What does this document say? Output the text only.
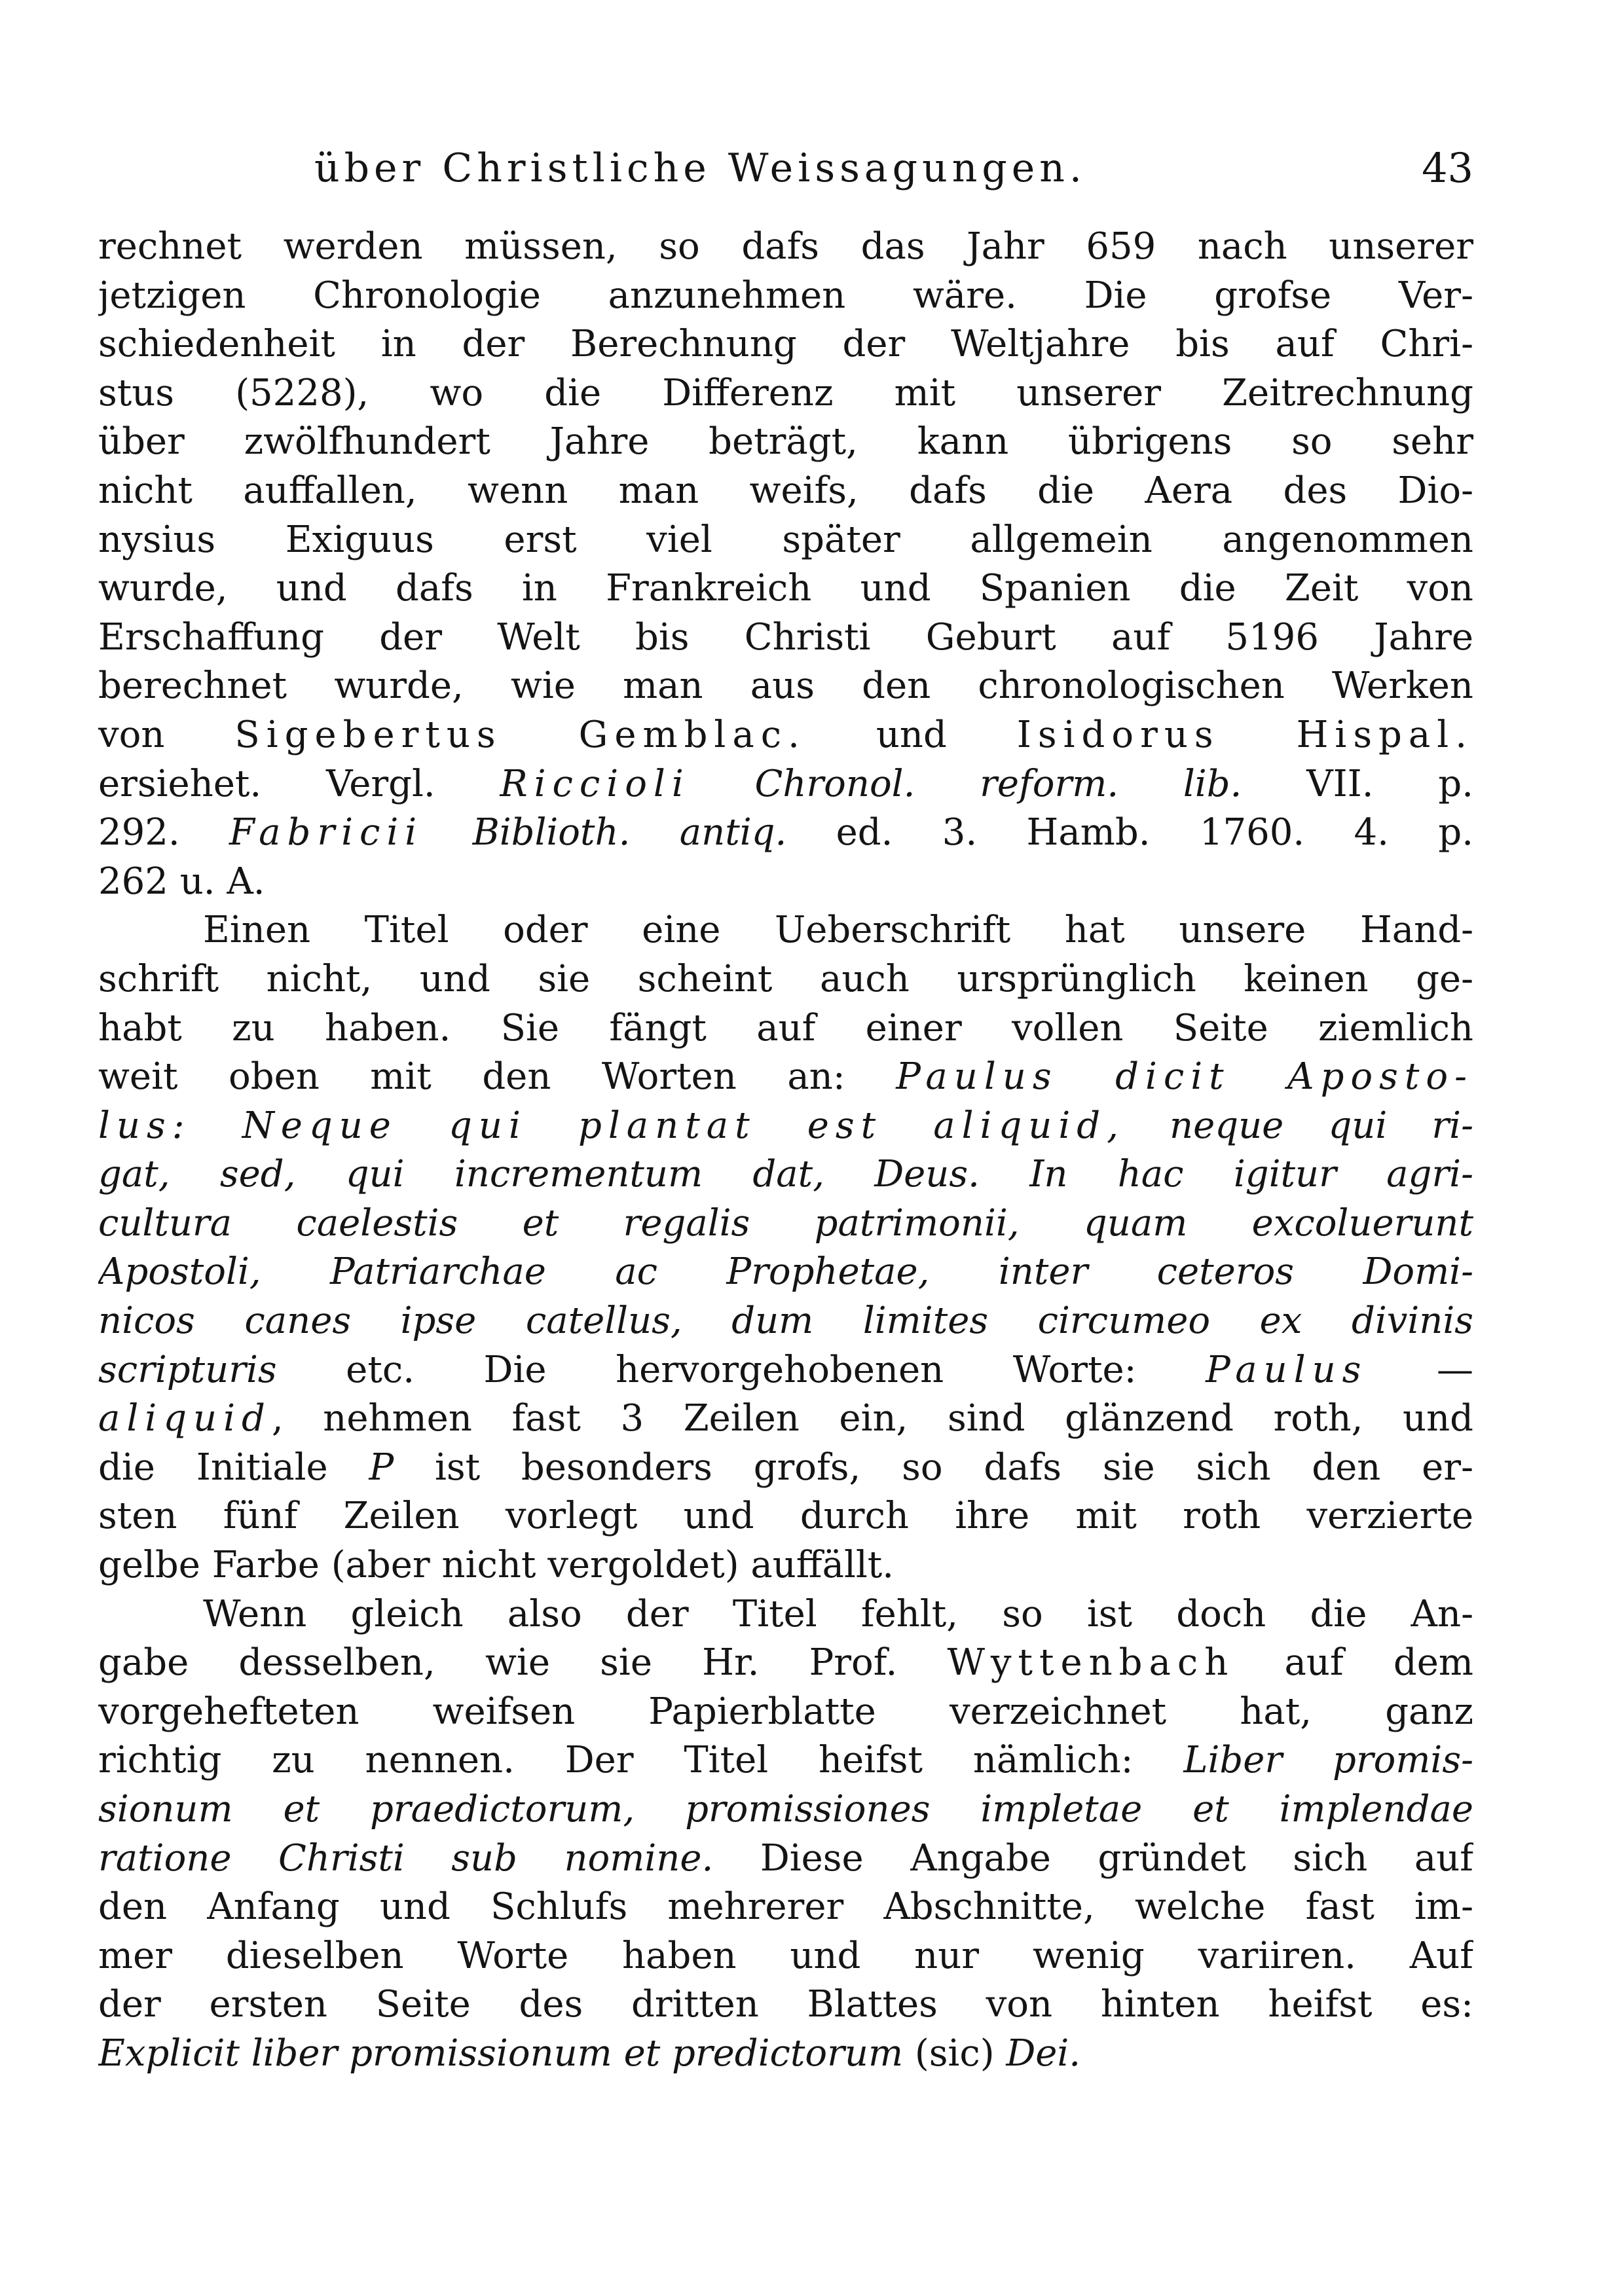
über Christliche Weissagungen.	43
rechnet werden müssen, so dafs das Jahr 659 nach unserer
jetzigen Chronologie anzunehmen wäre. Die grofse Ver-
schiedenheit in der Berechnung der Weltjahre bis auf Chri-
stus (5228), wo die Differenz mit unserer Zeitrechnung
über zwölfhundert Jahre beträgt, kann übrigens so sehr
nicht auffallen, wenn man weifs, dafs die Aera des Dio-
nysius Exiguus erst viel später allgemein angenommen
wurde, und dafs in Frankreich und Spanien die Zeit von
Erschaffung der Welt bis Christi Geburt auf 5196 Jahre
berechnet wurde, wie man aus den chronologischen Werken
von Sigebertus Gemblac. und Isidorus Hispal.
ersiehet. Vergl. Riccioli Chronol. reform. lib. VII. p.
292. Fabricii Biblioth. antiq. ed. 3. Hamb. 1760. 4. p.
262 u. A.
Einen Titel oder eine Ueberschrift hat unsere Hand-
schrift nicht, und sie scheint auch ursprünglich keinen ge-
habt zu haben. Sie fängt auf einer vollen Seite ziemlich
weit oben mit den Worten an: Paulus dicit Aposto-
lus: Neque qui plantat est aliquid, neque qui ri-
gat, sed, qui incrementum dat, Deus. In hac igitur agri-
cultura caelestis et regalis patrimonii, quam excoluerunt
Apostoli, Patriarchae ac Prophetae, inter ceteros Domi-
nicos canes ipse catellus, dum limites circumeo ex divinis
scripturis etc. Die hervorgehobenen Worte: Paulus —
aliquid, nehmen fast 3 Zeilen ein, sind glänzend roth, und
die Initiale P ist besonders grofs, so dafs sie sich den er-
sten fünf Zeilen vorlegt und durch ihre mit roth verzierte
gelbe Farbe (aber nicht vergoldet) auffällt.
Wenn gleich also der Titel fehlt, so ist doch die An-
gabe desselben, wie sie Hr. Prof. Wyttenbach auf dem
vorgehefteten weifsen Papierblatte verzeichnet hat, ganz
richtig zu nennen. Der Titel heifst nämlich: Liber promis-
sionum et praedictorum, promissiones impletae et implendae
ratione Christi sub nomine. Diese Angabe gründet sich auf
den Anfang und Schlufs mehrerer Abschnitte, welche fast im-
mer dieselben Worte haben und nur wenig variiren. Auf
der ersten Seite des dritten Blattes von hinten heifst es:
Explicit liber promissionum et predictorum (sic) Dei.
